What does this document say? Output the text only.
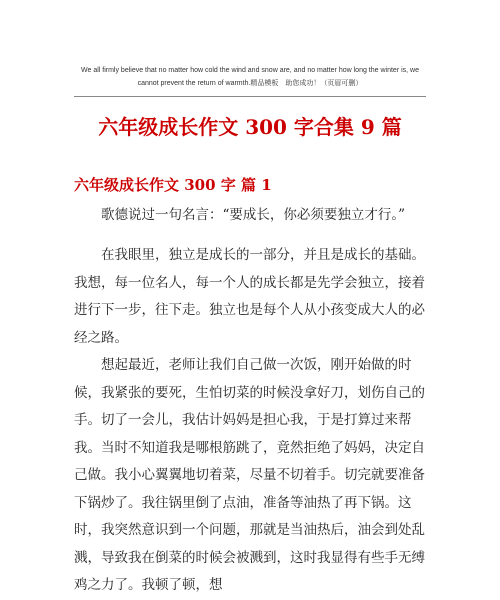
We all firmly believe that no matter how cold the wind and snow are, and no matter how long the winter is, we
cannot prevent the return of warmth.精品模板　助您成功！（页眉可删）
六年级成长作文 300 字合集 9 篇
六年级成长作文 300 字 篇 1
歌德说过一句名言：“要成长，你必须要独立才行。”
在我眼里，独立是成长的一部分，并且是成长的基础。我想，每一位名人，每一个人的成长都是先学会独立，接着进行下一步，往下走。独立也是每个人从小孩变成大人的必经之路。
想起最近，老师让我们自己做一次饭，刚开始做的时候，我紧张的要死，生怕切菜的时候没拿好刀，划伤自己的手。切了一会儿，我估计妈妈是担心我，于是打算过来帮我。当时不知道我是哪根筋跳了，竟然拒绝了妈妈，决定自己做。我小心翼翼地切着菜，尽量不切着手。切完就要准备下锅炒了。我往锅里倒了点油，准备等油热了再下锅。这时，我突然意识到一个问题，那就是当油热后，油会到处乱溅，导致我在倒菜的时候会被溅到，这时我显得有些手无缚鸡之力了。我顿了顿，想
